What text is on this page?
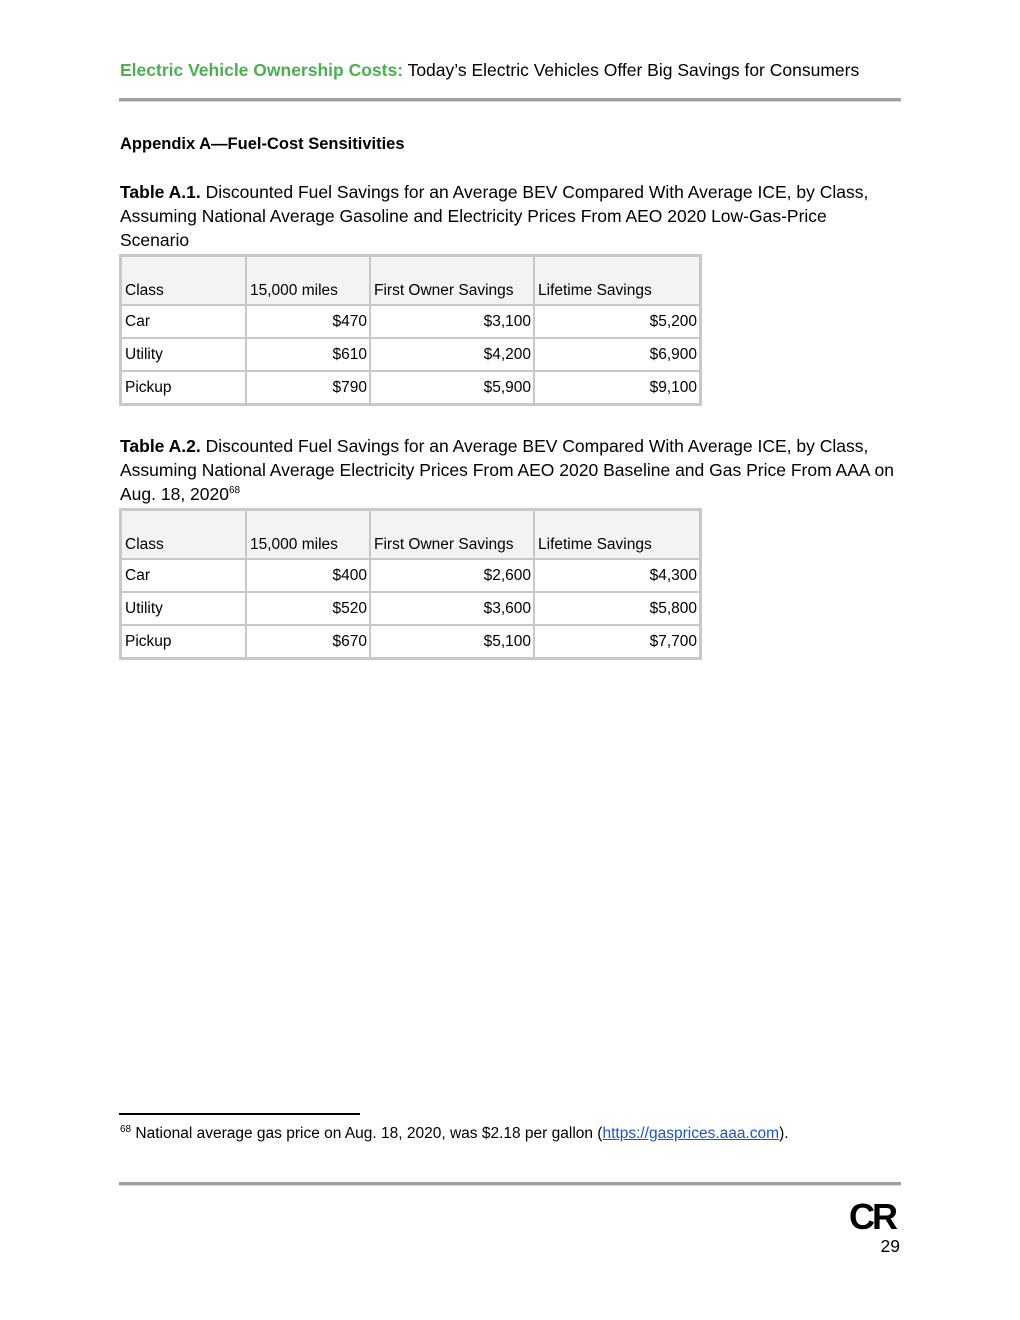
Electric Vehicle Ownership Costs: Today’s Electric Vehicles Offer Big Savings for Consumers
Appendix A—Fuel-Cost Sensitivities
Table A.1. Discounted Fuel Savings for an Average BEV Compared With Average ICE, by Class, Assuming National Average Gasoline and Electricity Prices From AEO 2020 Low-Gas-Price Scenario
Class	15,000 miles	First Owner Savings	Lifetime Savings
Car	$470	$3,100	$5,200
Utility	$610	$4,200	$6,900
Pickup	$790	$5,900	$9,100
Table A.2. Discounted Fuel Savings for an Average BEV Compared With Average ICE, by Class, Assuming National Average Electricity Prices From AEO 2020 Baseline and Gas Price From AAA on Aug. 18, 2020$^{68}$
Class	15,000 miles	First Owner Savings	Lifetime Savings
Car	$400	$2,600	$4,300
Utility	$520	$3,600	$5,800
Pickup	$670	$5,100	$7,700
$^{68}$ National average gas price on Aug. 18, 2020, was $2.18 per gallon (https://gasprices.aaa.com).
CR
29
